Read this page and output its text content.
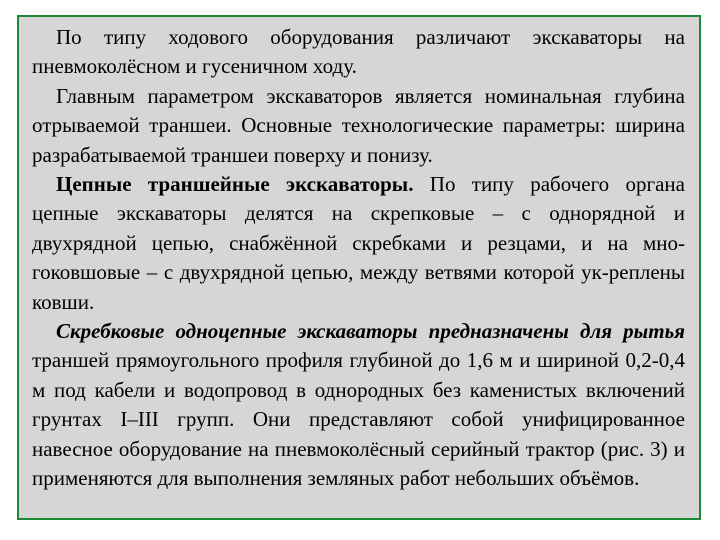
По типу ходового оборудования различают экскаваторы на пневмоколёсном и гусеничном ходу.

Главным параметром экскаваторов является номинальная глубина отрываемой траншеи. Основные технологические параметры: ширина разрабатываемой траншеи поверху и понизу.

Цепные траншейные экскаваторы. По типу рабочего органа цепные экскаваторы делятся на скрепковые – с однорядной и двухрядной цепью, снабжённой скребками и резцами, и на мно-гоковшовые – с двухрядной цепью, между ветвями которой ук-реплены ковши.

Скребковые одноцепные экскаваторы предназначены для рытья траншей прямоугольного профиля глубиной до 1,6 м и шириной 0,2-0,4 м под кабели и водопровод в однородных без каменистых включений грунтах I–III групп. Они представляют собой унифицированное навесное оборудование на пневмоколёсный серийный трактор (рис. 3) и применяются для выполнения земляных работ небольших объёмов.
